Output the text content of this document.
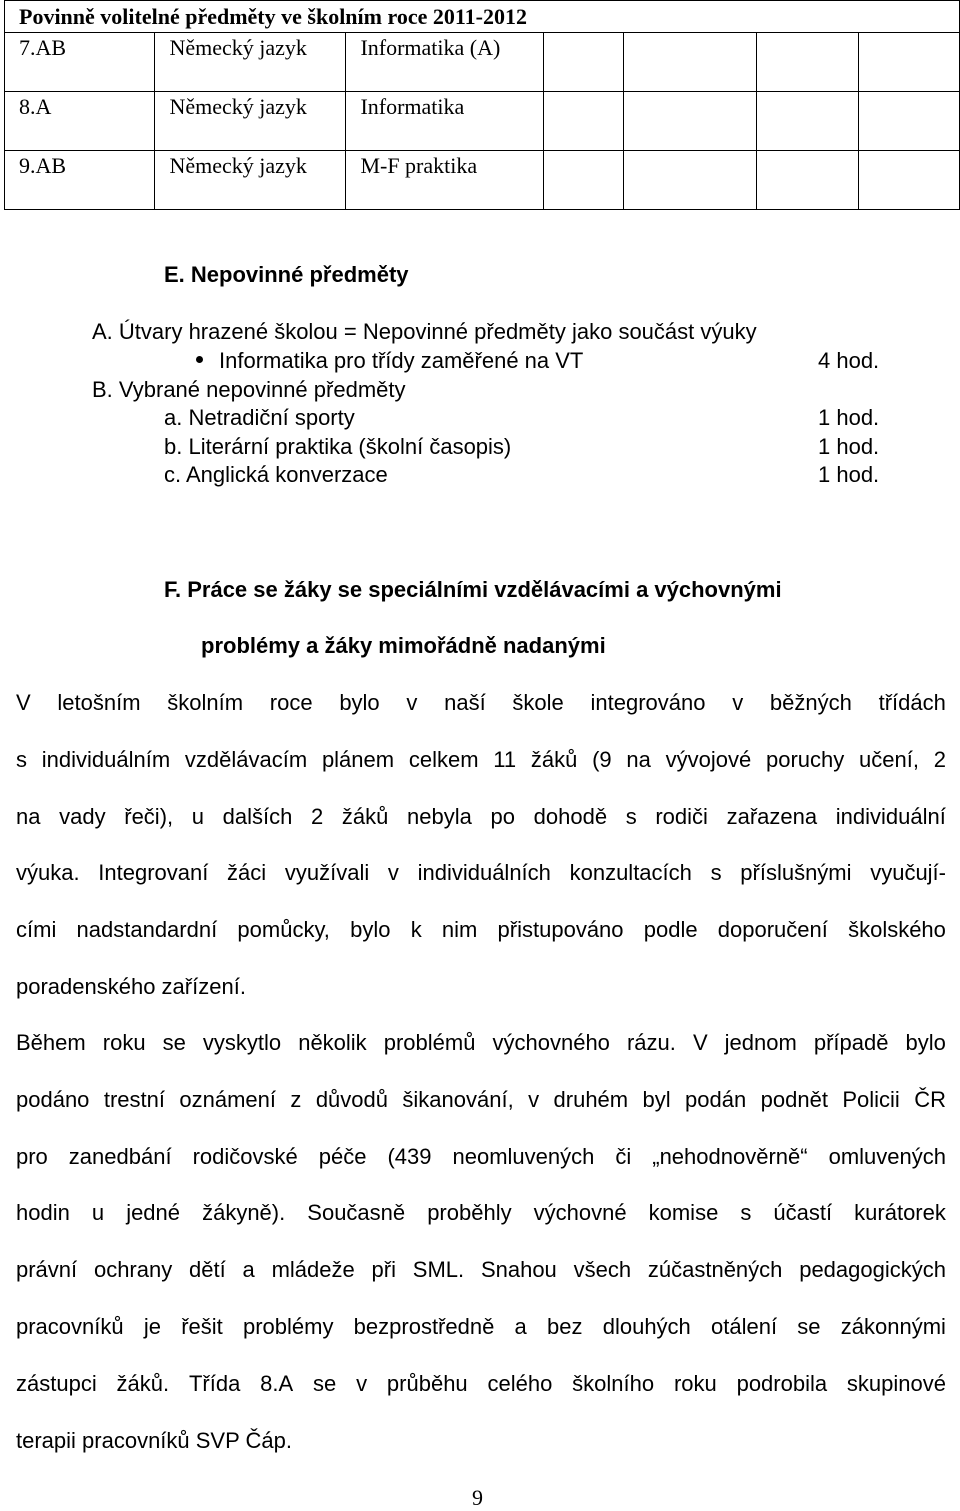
Povinně volitelné předměty ve školním roce 2011-2012						
7.AB	Německý jazyk	Informatika (A)				
8.A	Německý jazyk	Informatika				
9.AB	Německý jazyk	M-F praktika				
E. Nepovinné předměty
A. Útvary hrazené školou = Nepovinné předměty jako součást výuky
Informatika pro třídy zaměřené na VT	4 hod.
B. Vybrané nepovinné předměty
a. Netradiční sporty	1 hod.
b. Literární praktika (školní časopis)	1 hod.
c. Anglická konverzace	1 hod.
F. Práce se žáky se speciálními vzdělávacími a výchovnými
problémy a žáky mimořádně nadanými
V letošním školním roce bylo v naší škole integrováno v běžných třídách
s individuálním vzdělávacím plánem celkem 11 žáků (9 na vývojové poruchy učení, 2
na vady řeči), u dalších 2 žáků nebyla po dohodě s rodiči zařazena individuální
výuka. Integrovaní žáci využívali v individuálních konzultacích s příslušnými vyučují-
cími nadstandardní pomůcky, bylo k nim přistupováno podle doporučení školského
poradenského zařízení.
Během roku se vyskytlo několik problémů výchovného rázu. V jednom případě bylo
podáno trestní oznámení z důvodů šikanování, v druhém byl podán podnět Policii ČR
pro zanedbání rodičovské péče (439 neomluvených či „nehodnověrně“ omluvených
hodin u jedné žákyně). Současně proběhly výchovné komise s účastí kurátorek
právní ochrany dětí a mládeže při SML. Snahou všech zúčastněných pedagogických
pracovníků je řešit problémy bezprostředně a bez dlouhých otálení se zákonnými
zástupci žáků. Třída 8.A se v průběhu celého školního roku podrobila skupinové
terapii pracovníků SVP Čáp.
9
